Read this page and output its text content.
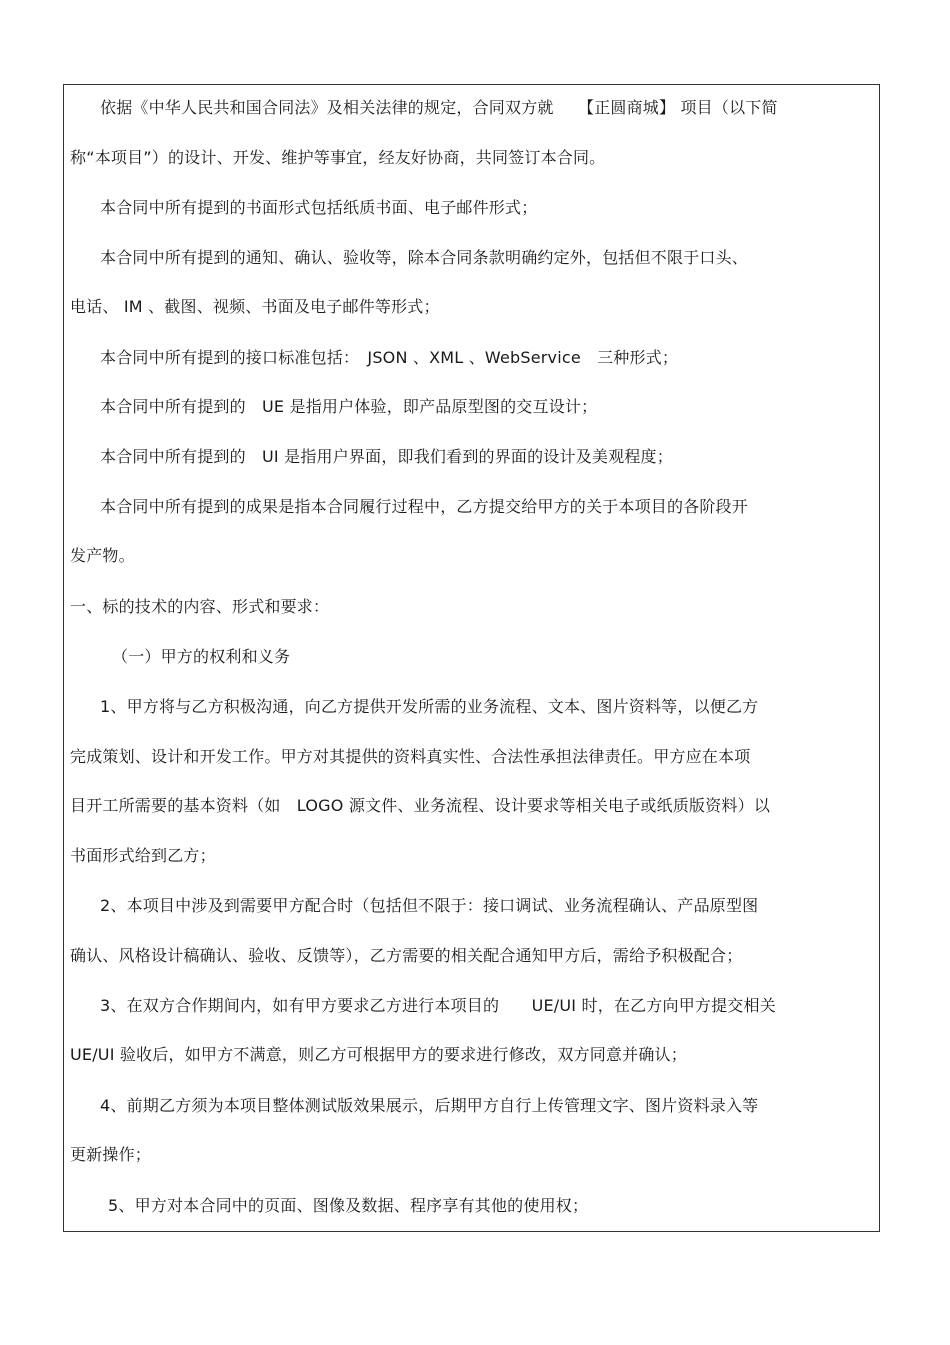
依据《中华人民共和国合同法》及相关法律的规定，合同双方就　　【正圆商城】 项目（以下简
称“本项目”）的设计、开发、维护等事宜，经友好协商，共同签订本合同。
本合同中所有提到的书面形式包括纸质书面、电子邮件形式；
本合同中所有提到的通知、确认、验收等，除本合同条款明确约定外，包括但不限于口头、
电话、 IM 、截图、视频、书面及电子邮件等形式；
本合同中所有提到的接口标准包括：　JSON 、XML 、WebService　三种形式；
本合同中所有提到的　UE 是指用户体验，即产品原型图的交互设计；
本合同中所有提到的　UI 是指用户界面，即我们看到的界面的设计及美观程度；
本合同中所有提到的成果是指本合同履行过程中，乙方提交给甲方的关于本项目的各阶段开
发产物。
一、标的技术的内容、形式和要求：
（一）甲方的权利和义务
1、甲方将与乙方积极沟通，向乙方提供开发所需的业务流程、文本、图片资料等，以便乙方
完成策划、设计和开发工作。甲方对其提供的资料真实性、合法性承担法律责任。甲方应在本项
目开工所需要的基本资料（如　LOGO 源文件、业务流程、设计要求等相关电子或纸质版资料）以
书面形式给到乙方；
2、本项目中涉及到需要甲方配合时（包括但不限于：接口调试、业务流程确认、产品原型图
确认、风格设计稿确认、验收、反馈等），乙方需要的相关配合通知甲方后，需给予积极配合；
3、在双方合作期间内，如有甲方要求乙方进行本项目的　　UE/UI 时，在乙方向甲方提交相关
UE/UI 验收后，如甲方不满意，则乙方可根据甲方的要求进行修改，双方同意并确认；
4、前期乙方须为本项目整体测试版效果展示，后期甲方自行上传管理文字、图片资料录入等
更新操作；
5、甲方对本合同中的页面、图像及数据、程序享有其他的使用权；
